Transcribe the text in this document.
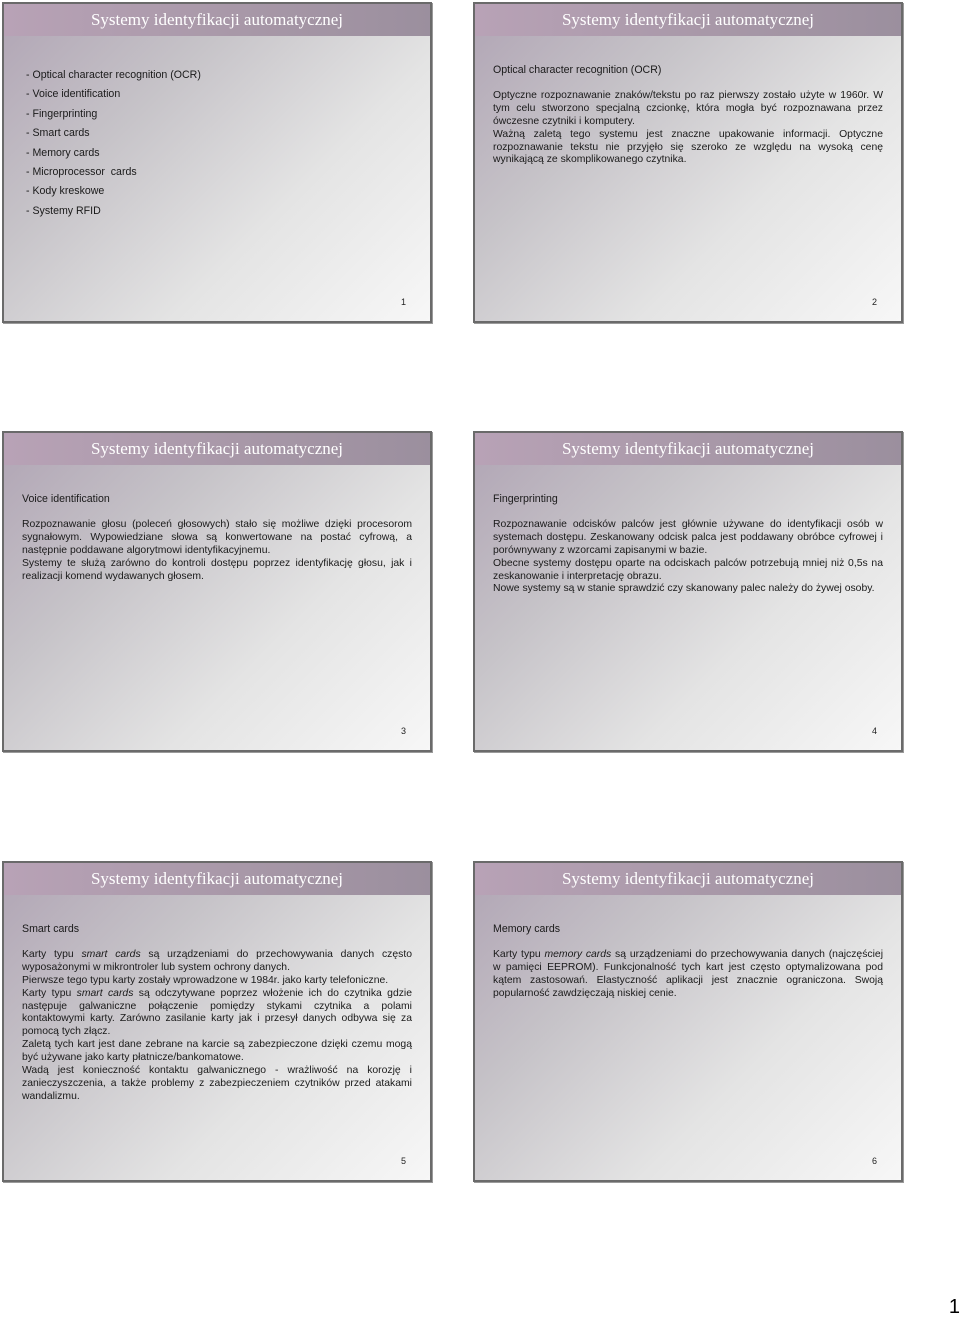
Systemy identyfikacji automatycznej
- Optical character recognition (OCR)
- Voice identification
- Fingerprinting
- Smart cards
- Memory cards
- Microprocessor  cards
- Kody kreskowe
- Systemy RFID
1
Systemy identyfikacji automatycznej
Optical character recognition (OCR)

Optyczne rozpoznawanie znaków/tekstu po raz pierwszy zostało użyte w 1960r. W tym celu stworzono specjalną czcionkę, która mogła być rozpoznawana przez ówczesne czytniki i komputery.

Ważną zaletą tego systemu jest znaczne upakowanie informacji. Optyczne rozpoznawanie tekstu nie przyjęło się szeroko ze względu na wysoką cenę wynikającą ze skomplikowanego czytnika.

2
Systemy identyfikacji automatycznej
Voice identification

Rozpoznawanie głosu (poleceń głosowych) stało się możliwe dzięki procesorom sygnałowym. Wypowiedziane słowa są konwertowane na postać cyfrową, a następnie poddawane algorytmowi identyfikacyjnemu.

Systemy te służą zarówno do kontroli dostępu poprzez identyfikację głosu, jak i realizacji komend wydawanych głosem.

3
Systemy identyfikacji automatycznej
Fingerprinting

Rozpoznawanie odcisków palców jest głównie używane do identyfikacji osób w systemach dostępu. Zeskanowany odcisk palca jest poddawany obróbce cyfrowej i porównywany z wzorcami zapisanymi w bazie.

Obecne systemy dostępu oparte na odciskach palców potrzebują mniej niż 0,5s na zeskanowanie i interpretację obrazu.

Nowe systemy są w stanie sprawdzić czy skanowany palec należy do żywej osoby.

4
Systemy identyfikacji automatycznej
Smart cards

Karty typu smart cards są urządzeniami do przechowywania danych często wyposażonymi w mikrontroler lub system ochrony danych.

Pierwsze tego typu karty zostały wprowadzone w 1984r. jako karty telefoniczne.

Karty typu smart cards są odczytywane poprzez włożenie ich do czytnika gdzie następuje galwaniczne połączenie pomiędzy stykami czytnika a polami kontaktowymi karty. Zarówno zasilanie karty jak i przesył danych odbywa się za pomocą tych złącz.

Zaletą tych kart jest dane zebrane na karcie są zabezpieczone dzięki czemu mogą być używane jako karty płatnicze/bankomatowe.

Wadą jest konieczność kontaktu galwanicznego - wrażliwość na korozję i zanieczyszczenia, a także problemy z zabezpieczeniem czytników przed atakami wandalizmu.

5
Systemy identyfikacji automatycznej
Memory cards

Karty typu memory cards są urządzeniami do przechowywania danych (najczęściej w pamięci EEPROM). Funkcjonalność tych kart jest często optymalizowana pod kątem zastosowań. Elastyczność aplikacji jest znacznie ograniczona. Swoją popularność zawdzięczają niskiej cenie.

6
1
